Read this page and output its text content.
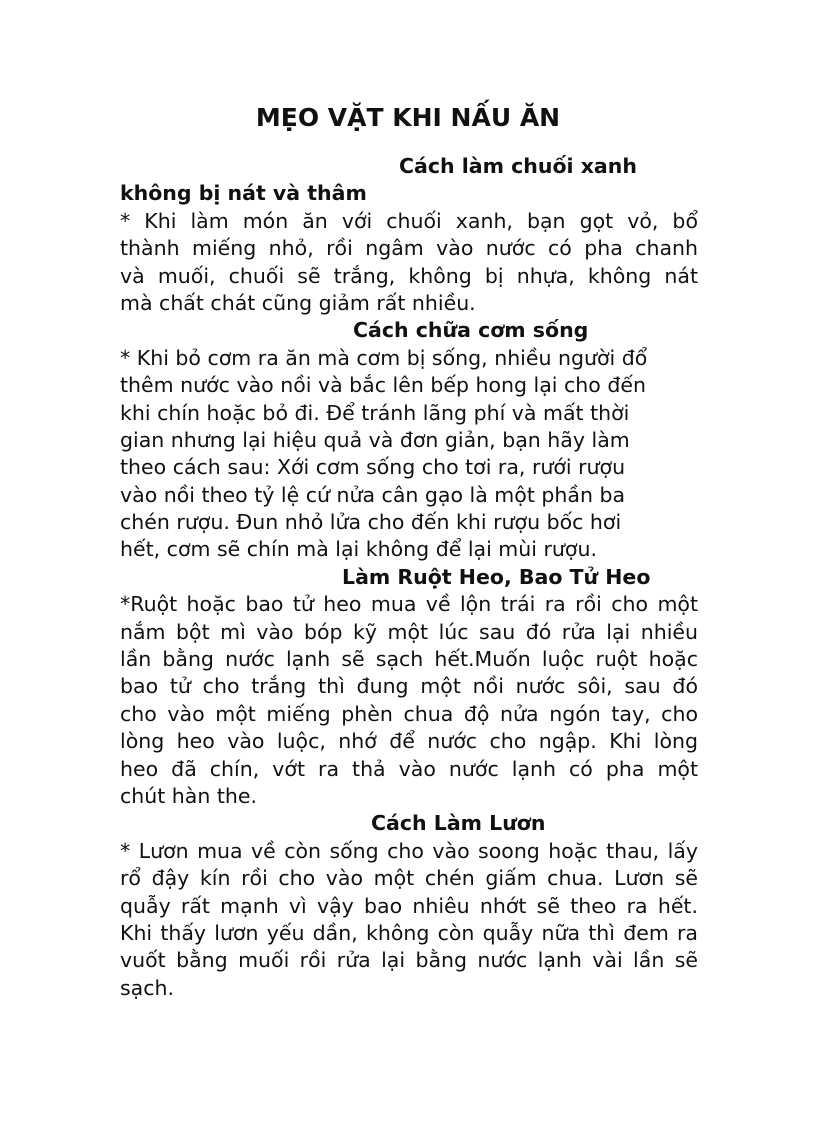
MẸO VẶT KHI NẤU ĂN
Cách làm chuối xanh
không bị nát và thâm
* Khi làm món ăn với chuối xanh, bạn gọt vỏ, bổ
thành miếng nhỏ, rồi ngâm vào nước có pha chanh
và muối, chuối sẽ trắng, không bị nhựa, không nát
mà chất chát cũng giảm rất nhiều.
Cách chữa cơm sống
* Khi bỏ cơm ra ăn mà cơm bị sống, nhiều người đổ
thêm nước vào nồi và bắc lên bếp hong lại cho đến
khi chín hoặc bỏ đi. Để tránh lãng phí và mất thời
gian nhưng lại hiệu quả và đơn giản, bạn hãy làm
theo cách sau: Xới cơm sống cho tơi ra, rưới rượu
vào nồi theo tỷ lệ cứ nửa cân gạo là một phần ba
chén rượu. Đun nhỏ lửa cho đến khi rượu bốc hơi
hết, cơm sẽ chín mà lại không để lại mùi rượu.
Làm Ruột Heo, Bao Tử Heo
*Ruột hoặc bao tử heo mua về lộn trái ra rồi cho một
nắm bột mì vào bóp kỹ một lúc sau đó rửa lại nhiều
lần bằng nước lạnh sẽ sạch hết.Muốn luộc ruột hoặc
bao tử cho trắng thì đung một nồi nước sôi, sau đó
cho vào một miếng phèn chua độ nửa ngón tay, cho
lòng heo vào luộc, nhớ để nước cho ngập. Khi lòng
heo đã chín, vớt ra thả vào nước lạnh có pha một
chút hàn the.
Cách Làm Lươn
* Lươn mua về còn sống cho vào soong hoặc thau, lấy
rổ đậy kín rồi cho vào một chén giấm chua. Lươn sẽ
quẫy rất mạnh vì vậy bao nhiêu nhớt sẽ theo ra hết.
Khi thấy lươn yếu dần, không còn quẫy nữa thì đem ra
vuốt bằng muối rồi rửa lại bằng nước lạnh vài lần sẽ
sạch.
